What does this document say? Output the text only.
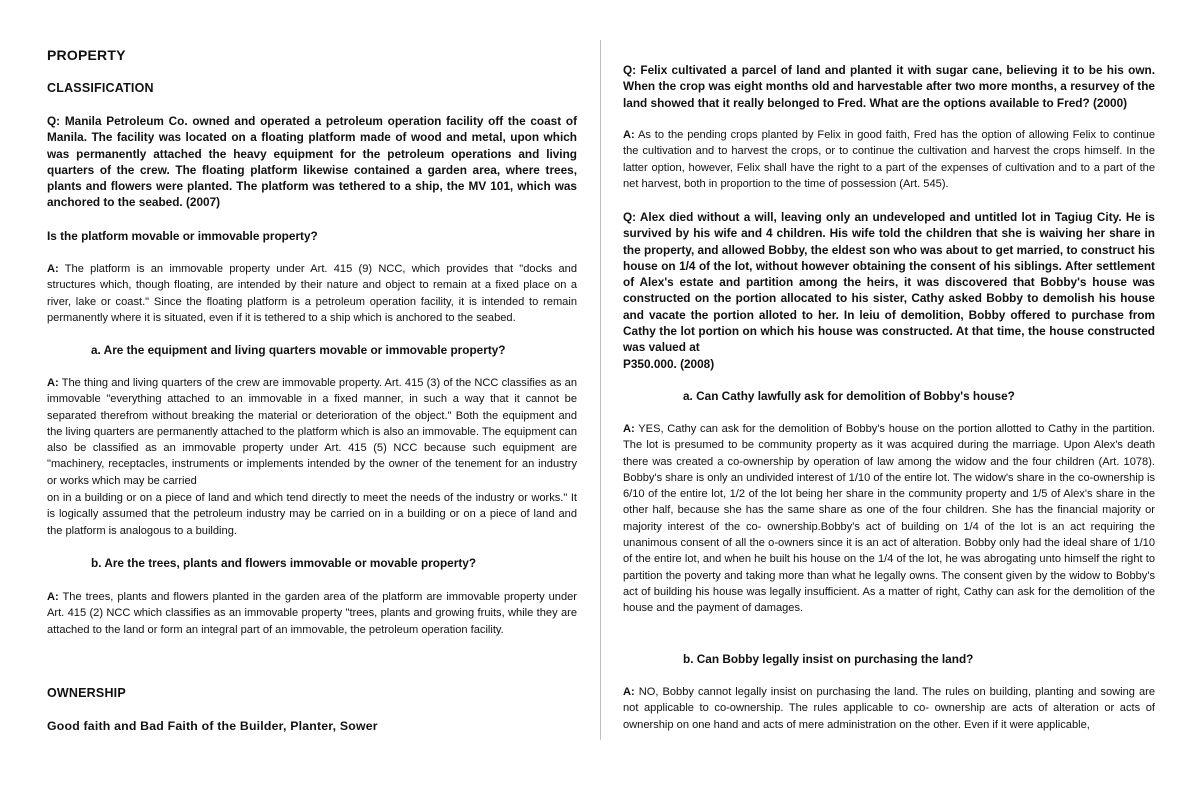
PROPERTY
CLASSIFICATION
Q: Manila Petroleum Co. owned and operated a petroleum operation facility off the coast of Manila. The facility was located on a floating platform made of wood and metal, upon which was permanently attached the heavy equipment for the petroleum operations and living quarters of the crew. The floating platform likewise contained a garden area, where trees, plants and flowers were planted. The platform was tethered to a ship, the MV 101, which was anchored to the seabed. (2007)
Is the platform movable or immovable property?
A: The platform is an immovable property under Art. 415 (9) NCC, which provides that "docks and structures which, though floating, are intended by their nature and object to remain at a fixed place on a river, lake or coast." Since the floating platform is a petroleum operation facility, it is intended to remain permanently where it is situated, even if it is tethered to a ship which is anchored to the seabed.
a. Are the equipment and living quarters movable or immovable property?
A: The thing and living quarters of the crew are immovable property. Art. 415 (3) of the NCC classifies as an immovable "everything attached to an immovable in a fixed manner, in such a way that it cannot be separated therefrom without breaking the material or deterioration of the object." Both the equipment and the living quarters are permanently attached to the platform which is also an immovable. The equipment can also be classified as an immovable property under Art. 415 (5) NCC because such equipment are "machinery, receptacles, instruments or implements intended by the owner of the tenement for an industry or works which may be carried
on in a building or on a piece of land and which tend directly to meet the needs of the industry or works." It is logically assumed that the petroleum industry may be carried on in a building or on a piece of land and the platform is analogous to a building.
b. Are the trees, plants and flowers immovable or movable property?
A: The trees, plants and flowers planted in the garden area of the platform are immovable property under Art. 415 (2) NCC which classifies as an immovable property "trees, plants and growing fruits, while they are attached to the land or form an integral part of an immovable, the petroleum operation facility.
OWNERSHIP
Good faith and Bad Faith of the Builder, Planter, Sower
Q: Felix cultivated a parcel of land and planted it with sugar cane, believing it to be his own. When the crop was eight months old and harvestable after two more months, a resurvey of the land showed that it really belonged to Fred. What are the options available to Fred? (2000)
A: As to the pending crops planted by Felix in good faith, Fred has the option of allowing Felix to continue the cultivation and to harvest the crops, or to continue the cultivation and harvest the crops himself. In the latter option, however, Felix shall have the right to a part of the expenses of cultivation and to a part of the net harvest, both in proportion to the time of possession (Art. 545).
Q: Alex died without a will, leaving only an undeveloped and untitled lot in Tagiug City. He is survived by his wife and 4 children. His wife told the children that she is waiving her share in the property, and allowed Bobby, the eldest son who was about to get married, to construct his house on 1/4 of the lot, without however obtaining the consent of his siblings. After settlement of Alex's estate and partition among the heirs, it was discovered that Bobby's house was constructed on the portion allocated to his sister, Cathy asked Bobby to demolish his house and vacate the portion alloted to her. In leiu of demolition, Bobby offered to purchase from Cathy the lot portion on which his house was constructed. At that time, the house constructed was valued at
P350.000. (2008)
a. Can Cathy lawfully ask for demolition of Bobby's house?
A: YES, Cathy can ask for the demolition of Bobby's house on the portion allotted to Cathy in the partition. The lot is presumed to be community property as it was acquired during the marriage. Upon Alex's death there was created a co-ownership by operation of law among the widow and the four children (Art. 1078). Bobby's share is only an undivided interest of 1/10 of the entire lot. The widow's share in the co-ownership is 6/10 of the entire lot, 1/2 of the lot being her share in the community property and 1/5 of Alex's share in the other half, because she has the same share as one of the four children. She has the financial majority or majority interest of the co- ownership.Bobby's act of building on 1/4 of the lot is an act requiring the unanimous consent of all the o-owners since it is an act of alteration. Bobby only had the ideal share of 1/10 of the entire lot, and when he built his house on the 1/4 of the lot, he was abrogating unto himself the right to partition the poverty and taking more than what he legally owns. The consent given by the widow to Bobby's act of building his house was legally insufficient. As a matter of right, Cathy can ask for the demolition of the house and the payment of damages.
b. Can Bobby legally insist on purchasing the land?
A: NO, Bobby cannot legally insist on purchasing the land. The rules on building, planting and sowing are not applicable to co-ownership. The rules applicable to co- ownership are acts of alteration or acts of ownership on one hand and acts of mere administration on the other. Even if it were applicable,
